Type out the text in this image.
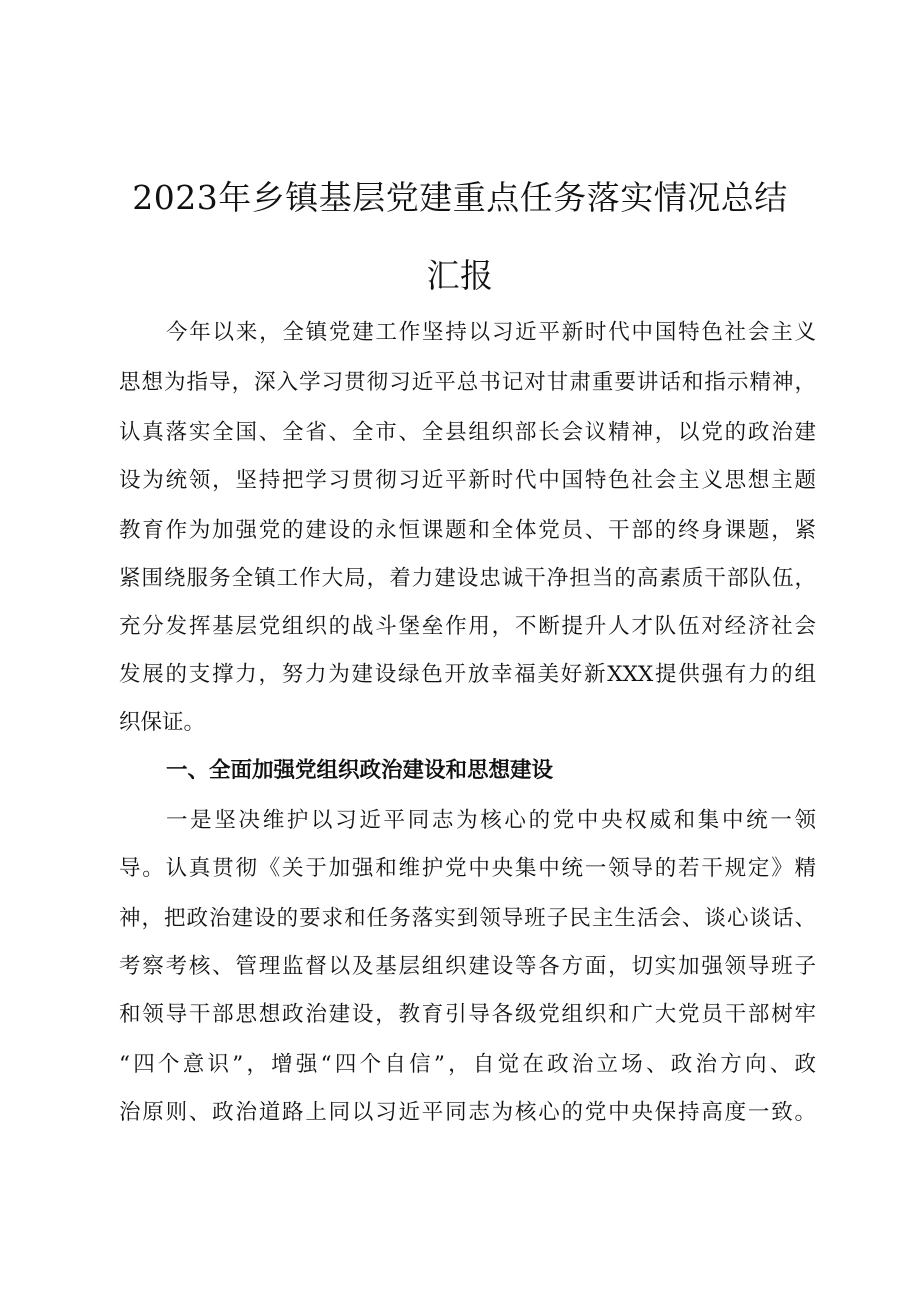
2023年乡镇基层党建重点任务落实情况总结
汇报
今年以来，全镇党建工作坚持以习近平新时代中国特色社会主义
思想为指导，深入学习贯彻习近平总书记对甘肃重要讲话和指示精神，
认真落实全国、全省、全市、全县组织部长会议精神，以党的政治建
设为统领，坚持把学习贯彻习近平新时代中国特色社会主义思想主题
教育作为加强党的建设的永恒课题和全体党员、干部的终身课题，紧
紧围绕服务全镇工作大局，着力建设忠诚干净担当的高素质干部队伍，
充分发挥基层党组织的战斗堡垒作用，不断提升人才队伍对经济社会
发展的支撑力，努力为建设绿色开放幸福美好新XXX提供强有力的组
织保证。
一、全面加强党组织政治建设和思想建设
一是坚决维护以习近平同志为核心的党中央权威和集中统一领
导。认真贯彻《关于加强和维护党中央集中统一领导的若干规定》精
神，把政治建设的要求和任务落实到领导班子民主生活会、谈心谈话、
考察考核、管理监督以及基层组织建设等各方面，切实加强领导班子
和领导干部思想政治建设，教育引导各级党组织和广大党员干部树牢
“四个意识”，增强“四个自信”，自觉在政治立场、政治方向、政
治原则、政治道路上同以习近平同志为核心的党中央保持高度一致。
